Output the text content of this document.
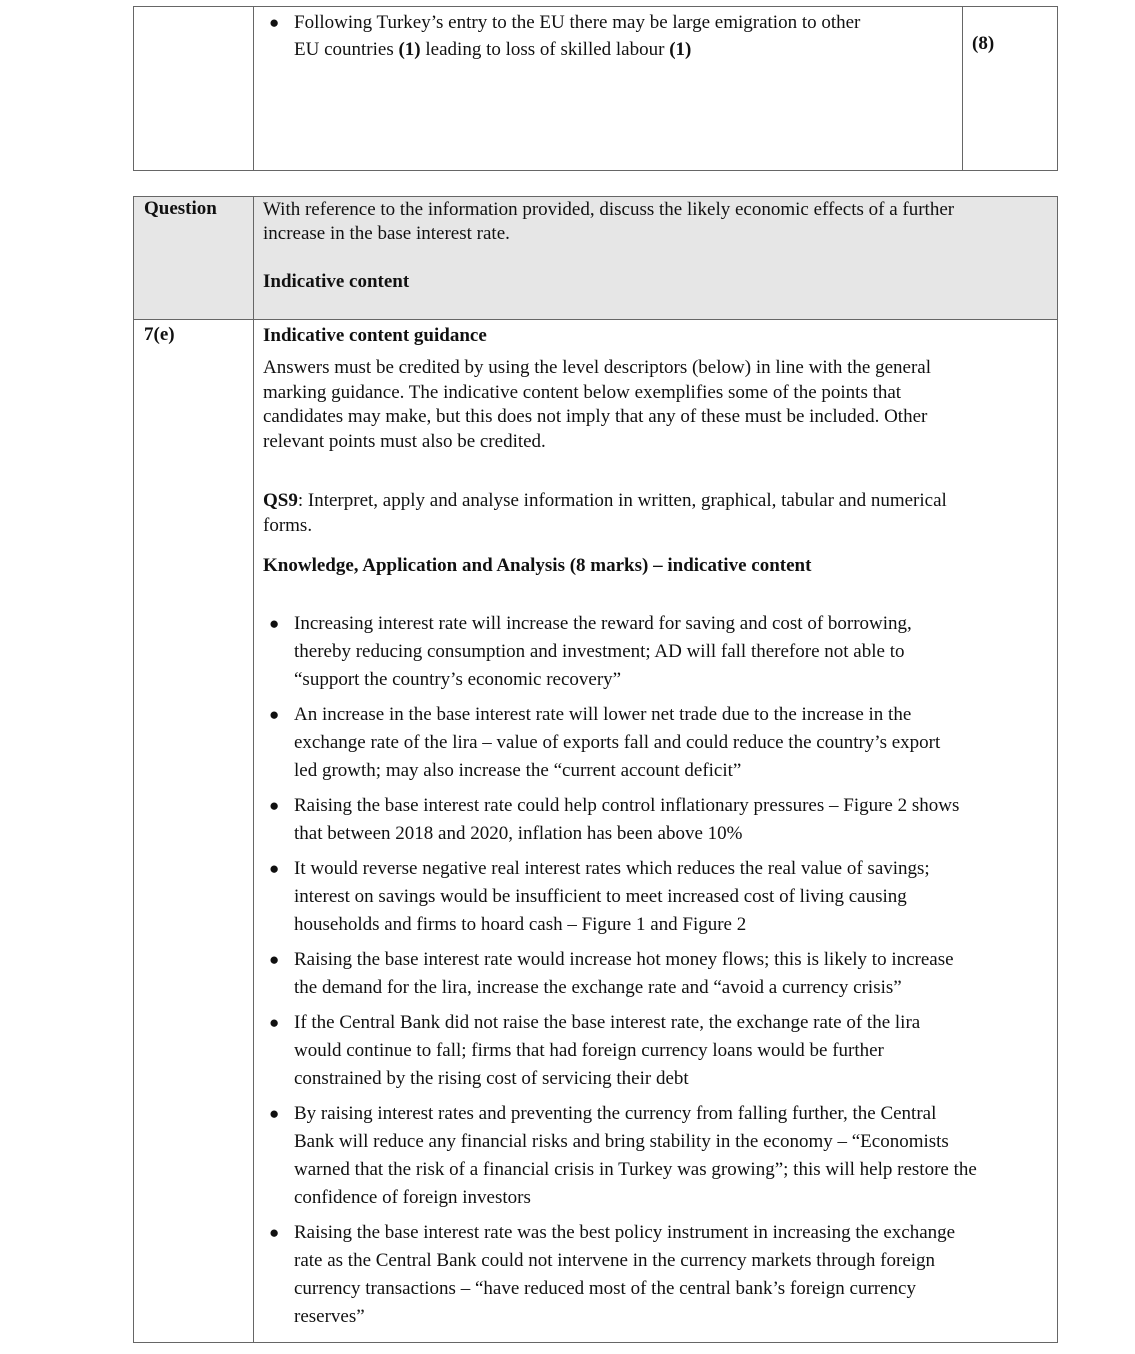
● Following Turkey’s entry to the EU there may be large emigration to other
EU countries (1) leading to loss of skilled labour (1)	(8)
Question With reference to the information provided, discuss the likely economic effects of a further
increase in the base interest rate.
Indicative content
7(e)	Indicative content guidance
Answers must be credited by using the level descriptors (below) in line with the general
marking guidance. The indicative content below exemplifies some of the points that
candidates may make, but this does not imply that any of these must be included. Other
relevant points must also be credited.
QS9: Interpret, apply and analyse information in written, graphical, tabular and numerical
forms.
Knowledge, Application and Analysis (8 marks) – indicative content
● Increasing interest rate will increase the reward for saving and cost of borrowing,
thereby reducing consumption and investment; AD will fall therefore not able to
“support the country’s economic recovery”
● An increase in the base interest rate will lower net trade due to the increase in the
exchange rate of the lira – value of exports fall and could reduce the country’s export
led growth; may also increase the “current account deficit”
● Raising the base interest rate could help control inflationary pressures – Figure 2 shows
that between 2018 and 2020, inflation has been above 10%
● It would reverse negative real interest rates which reduces the real value of savings;
interest on savings would be insufficient to meet increased cost of living causing
households and firms to hoard cash – Figure 1 and Figure 2
● Raising the base interest rate would increase hot money flows; this is likely to increase
the demand for the lira, increase the exchange rate and “avoid a currency crisis”
● If the Central Bank did not raise the base interest rate, the exchange rate of the lira
would continue to fall; firms that had foreign currency loans would be further
constrained by the rising cost of servicing their debt
● By raising interest rates and preventing the currency from falling further, the Central
Bank will reduce any financial risks and bring stability in the economy – “Economists
warned that the risk of a financial crisis in Turkey was growing”; this will help restore the
confidence of foreign investors
● Raising the base interest rate was the best policy instrument in increasing the exchange
rate as the Central Bank could not intervene in the currency markets through foreign
currency transactions – “have reduced most of the central bank’s foreign currency
reserves”
